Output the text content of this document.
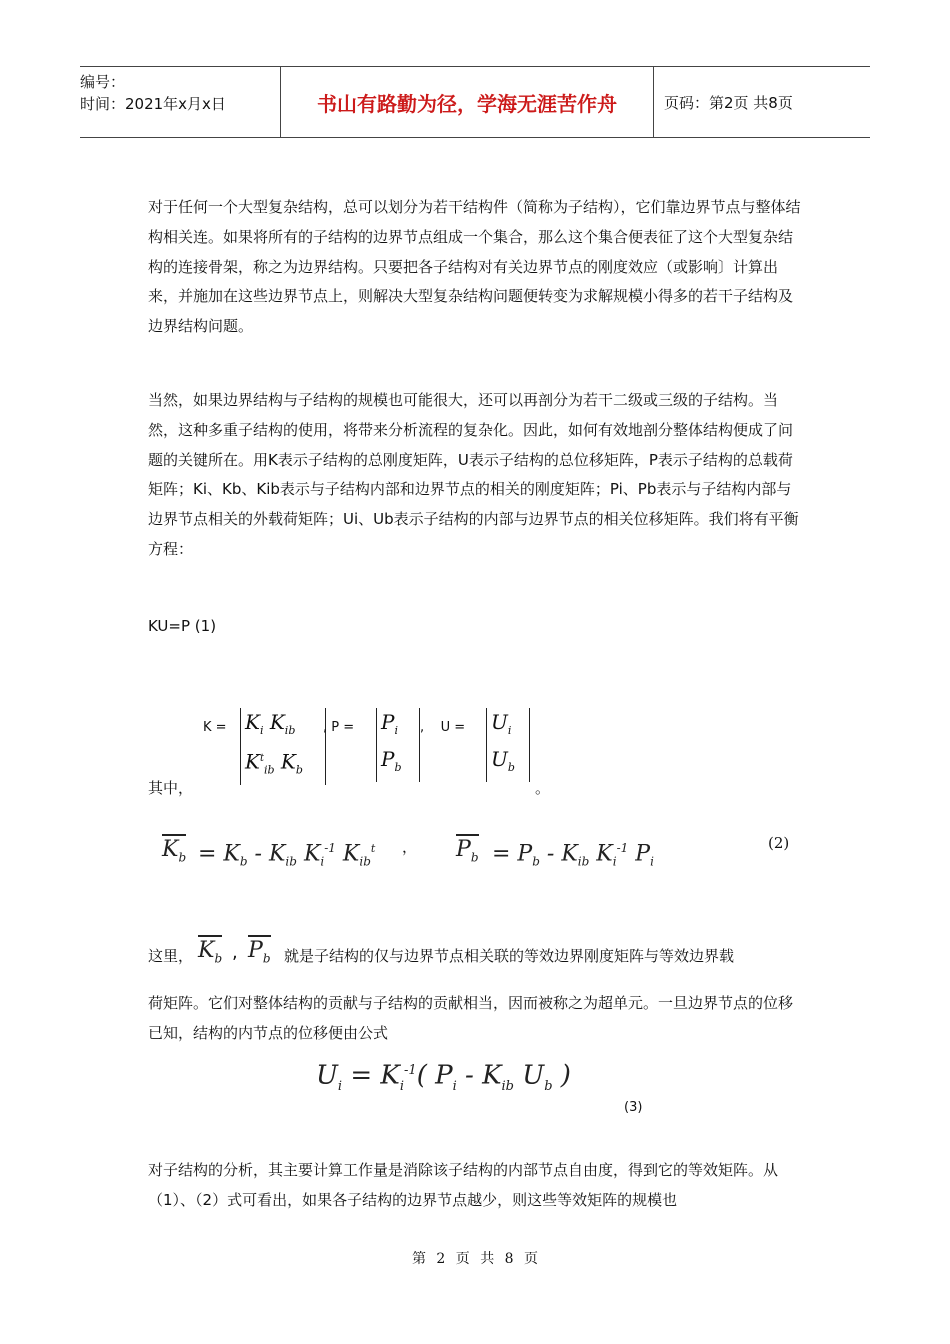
编号：
时间：2021年x月x日	书山有路勤为径，学海无涯苦作舟	页码：第2页 共8页

对于任何一个大型复杂结构，总可以划分为若干结构件（简称为子结构），它们靠边界节点与整体结构相关连。如果将所有的子结构的边界节点组成一个集合，那么这个集合便表征了这个大型复杂结构的连接骨架，称之为边界结构。只要把各子结构对有关边界节点的刚度效应（或影响〕计算出来，并施加在这些边界节点上，则解决大型复杂结构问题便转变为求解规模小得多的若干子结构及边界结构问题。

当然，如果边界结构与子结构的规模也可能很大，还可以再剖分为若干二级或三级的子结构。当然，这种多重子结构的使用，将带来分析流程的复杂化。因此，如何有效地剖分整体结构便成了问题的关键所在。用K表示子结构的总刚度矩阵，U表示子结构的总位移矩阵，P表示子结构的总载荷矩阵；Ki、Kb、Kib表示与子结构内部和边界节点的相关的刚度矩阵；Pi、Pb表示与子结构内部与边界节点相关的外载荷矩阵；Ui、Ub表示子结构的内部与边界节点的相关位移矩阵。我们将有平衡方程：

KU=P (1)

$K = K_i$ $K_{ib}$
$K^t_{ib}$ $K_b$
, $P = P_i$
$P_b$
,    $U = U_i$
$U_b$
其中，	。
$K_b = K_b - K_{ib}$ $K_i^{-1}$ $K_{ib}^t$ ， $P_b = P_b - K_{ib}$ $K_i^{-1}$ $P_i$
(2)
这里， $K_b$ , $P_b$ 就是子结构的仅与边界节点相关联的等效边界刚度矩阵与等效边界载

荷矩阵。它们对整体结构的贡献与子结构的贡献相当，因而被称之为超单元。一旦边界节点的位移已知，结构的内节点的位移便由公式

$U_i = K_i^{-1}$( $P_i - K_{ib}$ $U_b$ )
(3)

对子结构的分析，其主要计算工作量是消除该子结构的内部节点自由度，得到它的等效矩阵。从（1）、（2）式可看出，如果各子结构的边界节点越少，则这些等效矩阵的规模也

第 2 页 共 8 页
